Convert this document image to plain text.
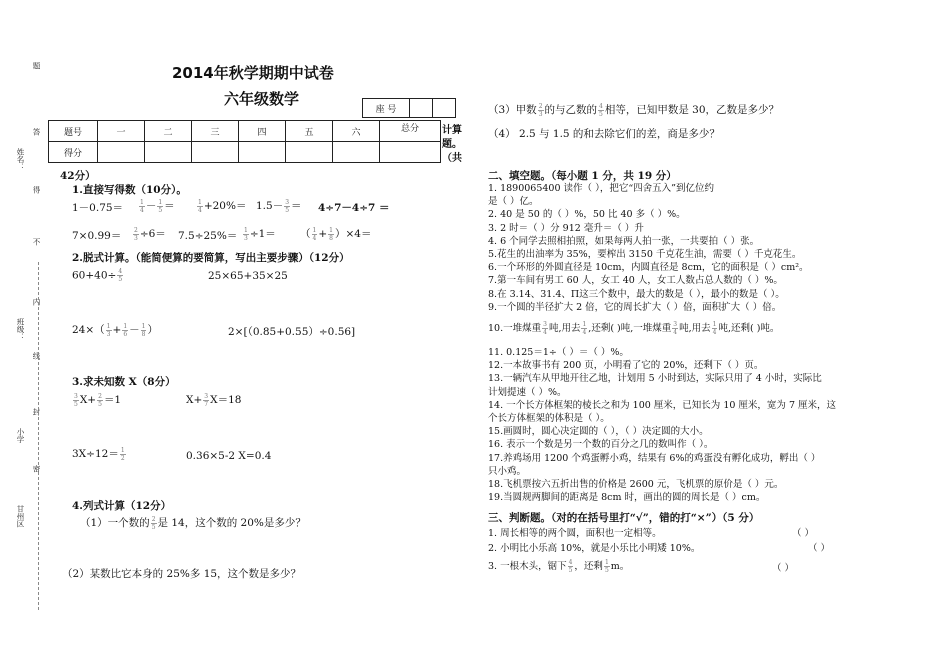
题
答
得
不
内
线
封
密
姓名：
班级：
小学
甘州区
2014年秋学期期中试卷
六年级数学
座 号		
题号	一	二	三	四	五	六	总分
得分							
计算题。（共
42分）
1.直接写得数（10分）。
1－0.75＝	$\frac{1}{4} - \frac{1}{5}$ ＝	$\frac{1}{4} +20\%= 1.5- \frac{3}{5} = 4\div 7-4\div 7$ ＝
$7\times 0.99= \frac{2}{3} \div 6= 7.5\div 25\%= \frac{1}{3} \div 1=$ （ $\frac{1}{4} + \frac{1}{8} )\times 4=$
2.脱式计算。（能简便算的要简算，写出主要步骤）（12分）
$60+40\div \frac{4}{5}$	25×65+35×25
$24\times( \frac{1}{3} + \frac{1}{6} - \frac{1}{8}$ ）	2×[（0.85+0.55）÷0.56]
3.求未知数 X（8分）
$\frac{3}{5} X+ \frac{2}{5} =1$	$X+ \frac{3}{7} X=18$
$3X\div 12= \frac{1}{2}$	0.36×5-2 X=0.4
4.列式计算（12分）
（1）一个数的 $\frac{2}{5}$ 是 14，这个数的 20%是多少？
（2）某数比它本身的 25%多 15，这个数是多少？
（3）甲数 $\frac{2}{3}$ 的与乙数的 $\frac{4}{5}$ 相等，已知甲数是 30，乙数是多少？
（4） 2.5 与 1.5 的和去除它们的差，商是多少？
二、填空题。（每小题 1 分，共 19 分）
1. 1890065400 读作（ ），把它“四舍五入”到亿位约
是（ ）亿。
2. 40 是 50 的（ ）%，50 比 40 多（ ）%。
3. 2 时＝（ ）分 912 毫升＝（ ）升
4. 6 个同学去照相拍照，如果每两人拍一张，一共要拍（ ）张。
5.花生的出油率为 35%，要榨出 3150 千克花生油，需要（ ）千克花生。
6.一个环形的外圆直径是 10cm，内圆直径是 8cm，它的面积是（ ）cm²。
7.第一车间有男工 60 人，女工 40 人，女工人数占总人数的（ ）%。
8.在 3.14、31.4、Π这三个数中，最大的数是（ ），最小的数是（ ）。
9.一个圆的半径扩大 2 倍，它的周长扩大（ ）倍，面积扩大（ ）倍。
10.一堆煤重 $\frac{3}{4}$ 吨,用去 $\frac{1}{4}$ ,还剩( )吨,一堆煤重 $\frac{3}{4}$ 吨,用去 $\frac{1}{4}$ 吨,还剩( )吨。
11. 0.125＝1÷（ ）＝（ ）%。
12.一本故事书有 200 页，小明看了它的 20%，还剩下（ ）页。
13.一辆汽车从甲地开往乙地，计划用 5 小时到达，实际只用了 4 小时，实际比
计划提速（ ）%。
14. 一个长方体框架的棱长之和为 100 厘米，已知长为 10 厘米，宽为 7 厘米，这
个长方体框架的体积是（ ）。
15.画圆时，圆心决定圆的（ ），（ ）决定圆的大小。
16. 表示一个数是另一个数的百分之几的数叫作（ ）。
17.养鸡场用 1200 个鸡蛋孵小鸡，结果有 6%的鸡蛋没有孵化成功，孵出（ ）
只小鸡。
18.飞机票按六五折出售的价格是 2600 元，飞机票的原价是（ ）元。
19.当圆规两脚间的距离是 8cm 时，画出的圆的周长是（ ）cm。
三、判断题。（对的在括号里打“√”，错的打“×”）（5 分）
1. 周长相等的两个圆，面积也一定相等。	（ ）
2. 小明比小乐高 10%，就是小乐比小明矮 10%。	（ ）
3. 一根木头，锯下 $\frac{4}{5}$ ，还剩 $\frac{1}{5}$ m。	（ ）
